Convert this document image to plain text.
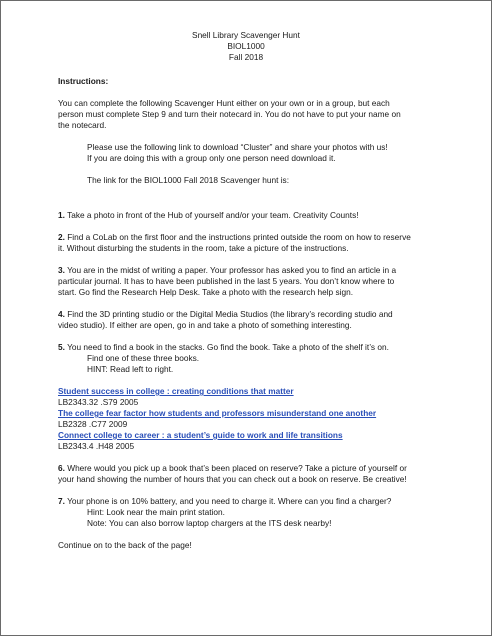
Snell Library Scavenger Hunt
BIOL1000
Fall 2018

Instructions:

You can complete the following Scavenger Hunt either on your own or in a group, but each

person must complete Step 9 and turn their notecard in. You do not have to put your name on

the notecard.

Please use the following link to download “Cluster” and share your photos with us!

If you are doing this with a group only one person need download it.

The link for the BIOL1000 Fall 2018 Scavenger hunt is:

1. Take a photo in front of the Hub of yourself and/or your team. Creativity Counts!

2. Find a CoLab on the first floor and the instructions printed outside the room on how to reserve

it. Without disturbing the students in the room, take a picture of the instructions.

3. You are in the midst of writing a paper. Your professor has asked you to find an article in a

particular journal. It has to have been published in the last 5 years. You don’t know where to

start. Go find the Research Help Desk. Take a photo with the research help sign.

4. Find the 3D printing studio or the Digital Media Studios (the library’s recording studio and

video studio). If either are open, go in and take a photo of something interesting.

5. You need to find a book in the stacks. Go find the book. Take a photo of the shelf it’s on.

Find one of these three books.

HINT: Read left to right.

Student success in college : creating conditions that matter
LB2343.32 .S79 2005
The college fear factor how students and professors misunderstand one another
LB2328 .C77 2009
Connect college to career : a student’s guide to work and life transitions
LB2343.4 .H48 2005

6. Where would you pick up a book that’s been placed on reserve? Take a picture of yourself or

your hand showing the number of hours that you can check out a book on reserve. Be creative!

7. Your phone is on 10% battery, and you need to charge it. Where can you find a charger?

Hint: Look near the main print station.

Note: You can also borrow laptop chargers at the ITS desk nearby!

Continue on to the back of the page!
